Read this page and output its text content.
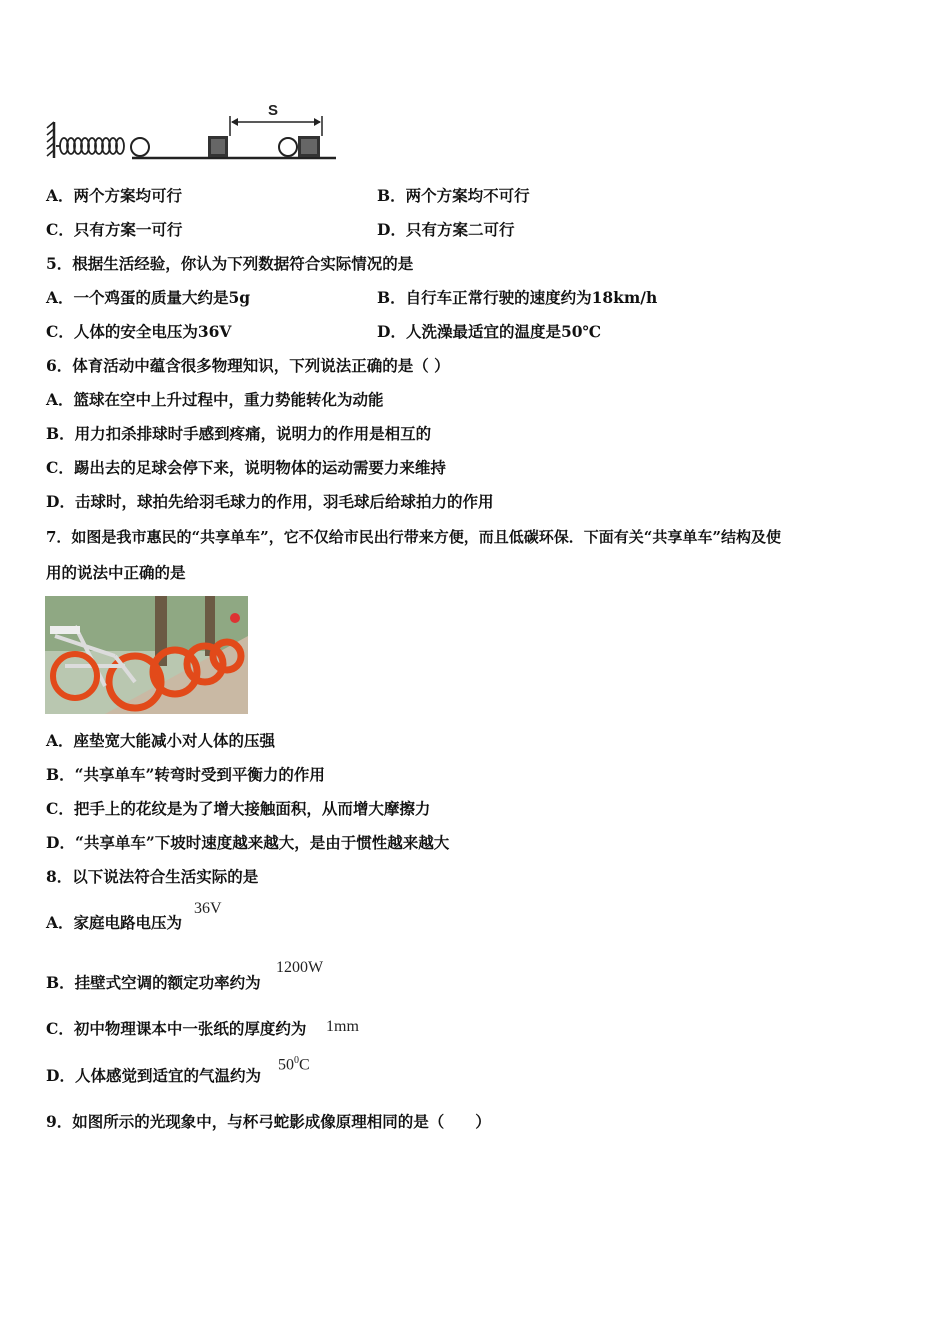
S
A．两个方案均可行	B．两个方案均不可行
C．只有方案一可行	D．只有方案二可行
5．根据生活经验，你认为下列数据符合实际情况的是
A．一个鸡蛋的质量大约是5g	B．自行车正常行驶的速度约为18km/h
C．人体的安全电压为36V	D．人洗澡最适宜的温度是50℃
6．体育活动中蕴含很多物理知识，下列说法正确的是（ ）
A．篮球在空中上升过程中，重力势能转化为动能
B．用力扣杀排球时手感到疼痛，说明力的作用是相互的
C．踢出去的足球会停下来，说明物体的运动需要力来维持
D．击球时，球拍先给羽毛球力的作用，羽毛球后给球拍力的作用
7．如图是我市惠民的“共享单车”，它不仅给市民出行带来方便，而且低碳环保．下面有关“共享单车”结构及使
用的说法中正确的是
A．座垫宽大能减小对人体的压强
B．“共享单车”转弯时受到平衡力的作用
C．把手上的花纹是为了增大接触面积，从而增大摩擦力
D．“共享单车”下坡时速度越来越大，是由于惯性越来越大
8．以下说法符合生活实际的是
A．家庭电路电压为
36V
B．挂壁式空调的额定功率约为
1200W
C．初中物理课本中一张纸的厚度约为 1mm
D．人体感觉到适宜的气温约为
$50^0C$
9．如图所示的光现象中，与杯弓蛇影成像原理相同的是（　　）
